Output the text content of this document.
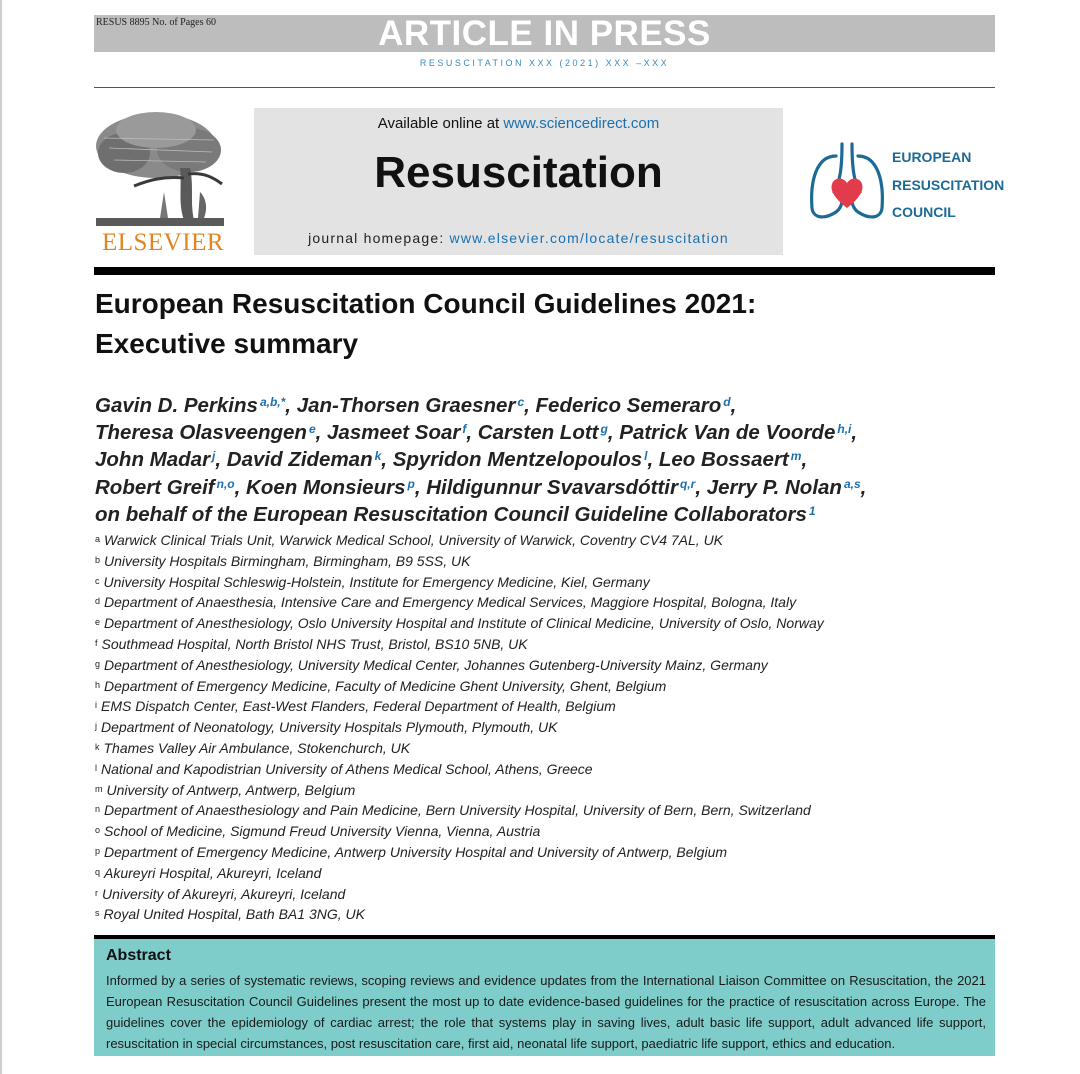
RESUS 8895 No. of Pages 60	ARTICLE IN PRESS
RESUSCITATION XXX (2021) XXX –XXX
ELSEVIER
Available online at www.sciencedirect.com
Resuscitation
journal homepage: www.elsevier.com/locate/resuscitation
EUROPEAN
RESUSCITATION
COUNCIL
European Resuscitation Council Guidelines 2021:
Executive summary
Gavin D. Perkins $^{a,b,*}$, Jan-Thorsen Graesner $^c$, Federico Semeraro $^d$,
Theresa Olasveengen $^e$, Jasmeet Soar $^f$, Carsten Lott $^g$, Patrick Van de Voorde $^{h,i}$,
John Madar $^j$, David Zideman $^k$, Spyridon Mentzelopoulos $^l$, Leo Bossaert $^m$,
Robert Greif $^{n,o}$, Koen Monsieurs $^p$, Hildigunnur Svavarsdóttir $^{q,r}$, Jerry P. Nolan $^{a,s}$,
on behalf of the European Resuscitation Council Guideline Collaborators $^1$
$^a$ Warwick Clinical Trials Unit, Warwick Medical School, University of Warwick, Coventry CV4 7AL, UK
$^b$ University Hospitals Birmingham, Birmingham, B9 5SS, UK
$^c$ University Hospital Schleswig-Holstein, Institute for Emergency Medicine, Kiel, Germany
$^d$ Department of Anaesthesia, Intensive Care and Emergency Medical Services, Maggiore Hospital, Bologna, Italy
$^e$ Department of Anesthesiology, Oslo University Hospital and Institute of Clinical Medicine, University of Oslo, Norway
$^f$ Southmead Hospital, North Bristol NHS Trust, Bristol, BS10 5NB, UK
$^g$ Department of Anesthesiology, University Medical Center, Johannes Gutenberg-University Mainz, Germany
$^h$ Department of Emergency Medicine, Faculty of Medicine Ghent University, Ghent, Belgium
$^i$ EMS Dispatch Center, East-West Flanders, Federal Department of Health, Belgium
$^j$ Department of Neonatology, University Hospitals Plymouth, Plymouth, UK
$^k$ Thames Valley Air Ambulance, Stokenchurch, UK
$^l$ National and Kapodistrian University of Athens Medical School, Athens, Greece
$^m$ University of Antwerp, Antwerp, Belgium
$^n$ Department of Anaesthesiology and Pain Medicine, Bern University Hospital, University of Bern, Bern, Switzerland
$^o$ School of Medicine, Sigmund Freud University Vienna, Vienna, Austria
$^p$ Department of Emergency Medicine, Antwerp University Hospital and University of Antwerp, Belgium
$^q$ Akureyri Hospital, Akureyri, Iceland
$^r$ University of Akureyri, Akureyri, Iceland
$^s$ Royal United Hospital, Bath BA1 3NG, UK
Abstract
Informed by a series of systematic reviews, scoping reviews and evidence updates from the International Liaison Committee on Resuscitation, the 2021 European Resuscitation Council Guidelines present the most up to date evidence-based guidelines for the practice of resuscitation across Europe. The guidelines cover the epidemiology of cardiac arrest; the role that systems play in saving lives, adult basic life support, adult advanced life support, resuscitation in special circumstances, post resuscitation care, first aid, neonatal life support, paediatric life support, ethics and education.
